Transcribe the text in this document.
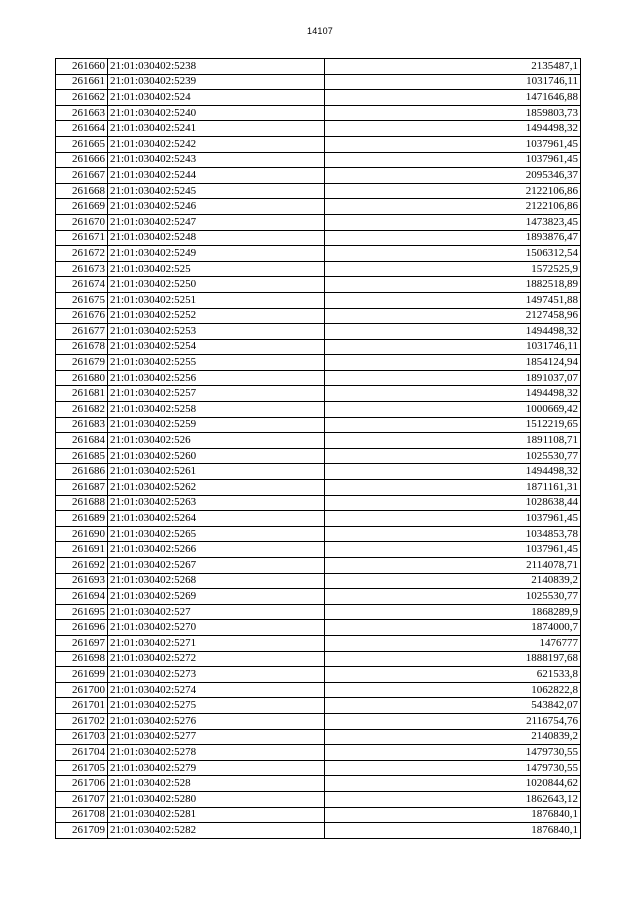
14107
261660	21:01:030402:5238	2135487,1
261661	21:01:030402:5239	1031746,11
261662	21:01:030402:524	1471646,88
261663	21:01:030402:5240	1859803,73
261664	21:01:030402:5241	1494498,32
261665	21:01:030402:5242	1037961,45
261666	21:01:030402:5243	1037961,45
261667	21:01:030402:5244	2095346,37
261668	21:01:030402:5245	2122106,86
261669	21:01:030402:5246	2122106,86
261670	21:01:030402:5247	1473823,45
261671	21:01:030402:5248	1893876,47
261672	21:01:030402:5249	1506312,54
261673	21:01:030402:525	1572525,9
261674	21:01:030402:5250	1882518,89
261675	21:01:030402:5251	1497451,88
261676	21:01:030402:5252	2127458,96
261677	21:01:030402:5253	1494498,32
261678	21:01:030402:5254	1031746,11
261679	21:01:030402:5255	1854124,94
261680	21:01:030402:5256	1891037,07
261681	21:01:030402:5257	1494498,32
261682	21:01:030402:5258	1000669,42
261683	21:01:030402:5259	1512219,65
261684	21:01:030402:526	1891108,71
261685	21:01:030402:5260	1025530,77
261686	21:01:030402:5261	1494498,32
261687	21:01:030402:5262	1871161,31
261688	21:01:030402:5263	1028638,44
261689	21:01:030402:5264	1037961,45
261690	21:01:030402:5265	1034853,78
261691	21:01:030402:5266	1037961,45
261692	21:01:030402:5267	2114078,71
261693	21:01:030402:5268	2140839,2
261694	21:01:030402:5269	1025530,77
261695	21:01:030402:527	1868289,9
261696	21:01:030402:5270	1874000,7
261697	21:01:030402:5271	1476777
261698	21:01:030402:5272	1888197,68
261699	21:01:030402:5273	621533,8
261700	21:01:030402:5274	1062822,8
261701	21:01:030402:5275	543842,07
261702	21:01:030402:5276	2116754,76
261703	21:01:030402:5277	2140839,2
261704	21:01:030402:5278	1479730,55
261705	21:01:030402:5279	1479730,55
261706	21:01:030402:528	1020844,62
261707	21:01:030402:5280	1862643,12
261708	21:01:030402:5281	1876840,1
261709	21:01:030402:5282	1876840,1
